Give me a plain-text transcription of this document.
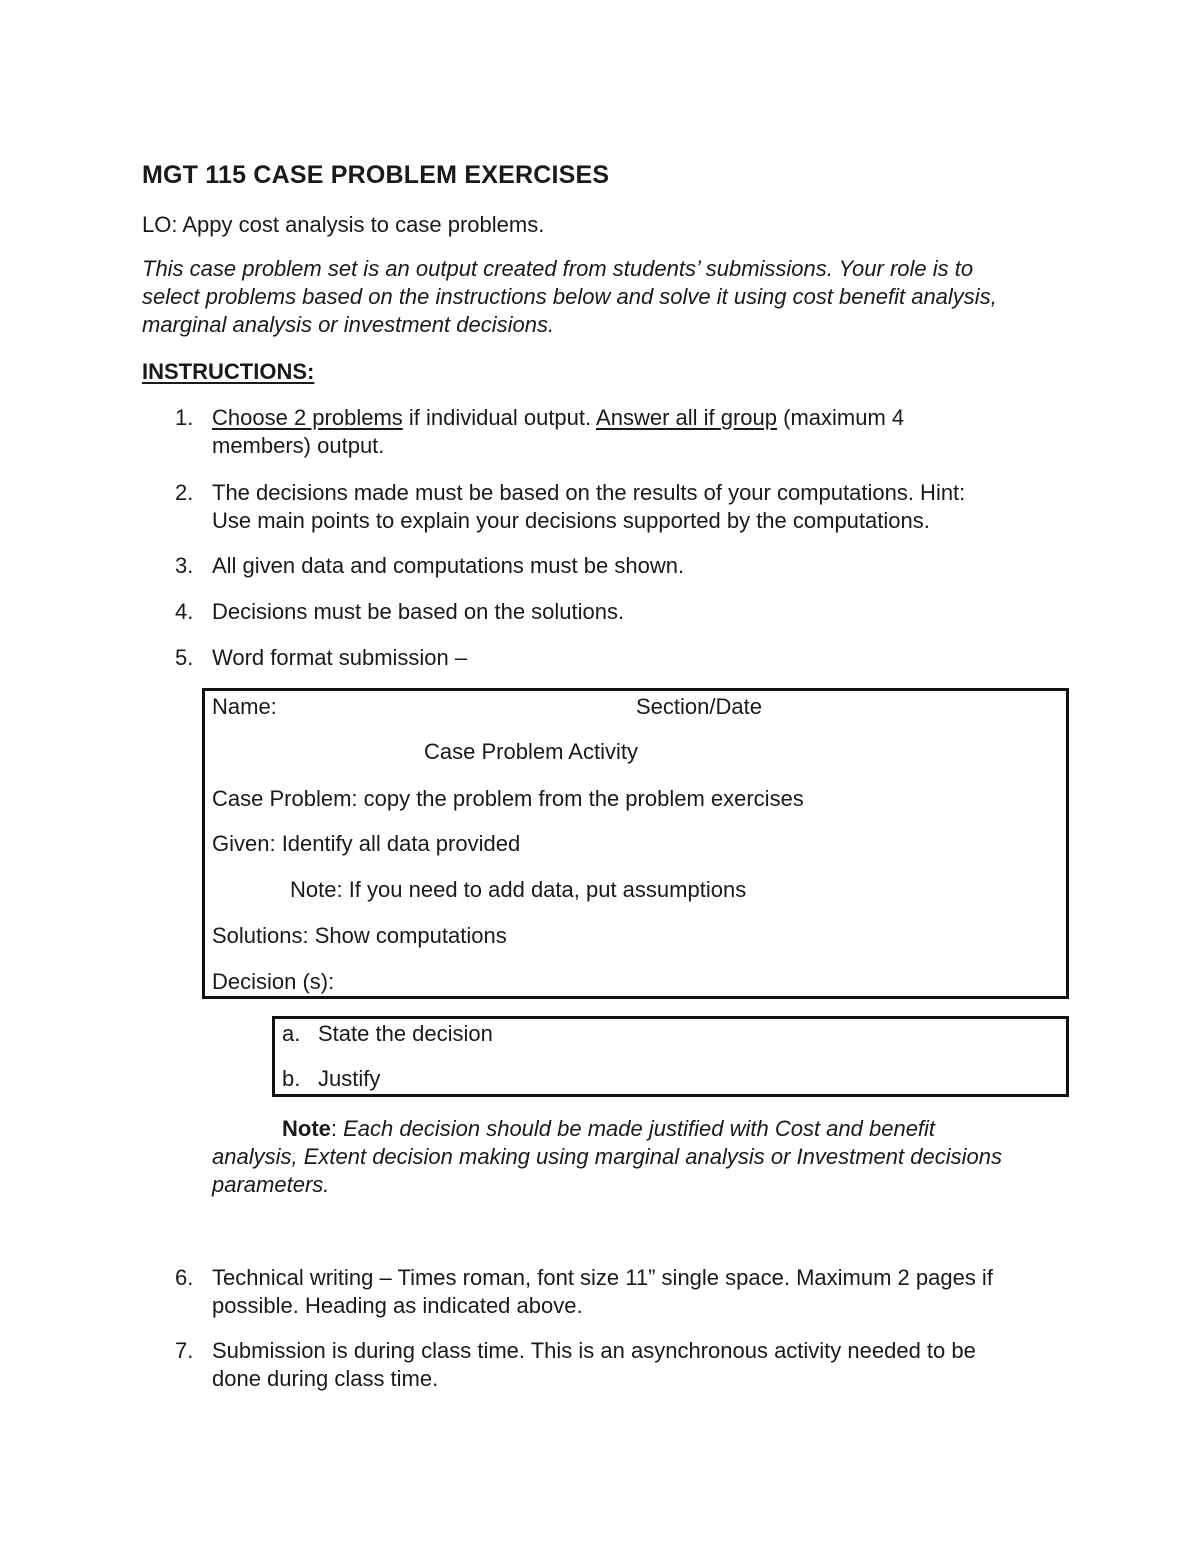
MGT 115 CASE PROBLEM EXERCISES
LO: Appy cost analysis to case problems.
This case problem set is an output created from students’ submissions. Your role is to
select problems based on the instructions below and solve it using cost benefit analysis,
marginal analysis or investment decisions.
INSTRUCTIONS:
1. Choose 2 problems if individual output. Answer all if group (maximum 4
members) output.
2. The decisions made must be based on the results of your computations. Hint:
Use main points to explain your decisions supported by the computations.
3. All given data and computations must be shown.
4. Decisions must be based on the solutions.
5. Word format submission –
Name:	Section/Date
Case Problem Activity
Case Problem: copy the problem from the problem exercises
Given: Identify all data provided
Note: If you need to add data, put assumptions
Solutions: Show computations
Decision (s):
a. State the decision
b. Justify
Note: Each decision should be made justified with Cost and benefit
analysis, Extent decision making using marginal analysis or Investment decisions
parameters.
6. Technical writing – Times roman, font size 11” single space. Maximum 2 pages if
possible. Heading as indicated above.
7. Submission is during class time. This is an asynchronous activity needed to be
done during class time.
